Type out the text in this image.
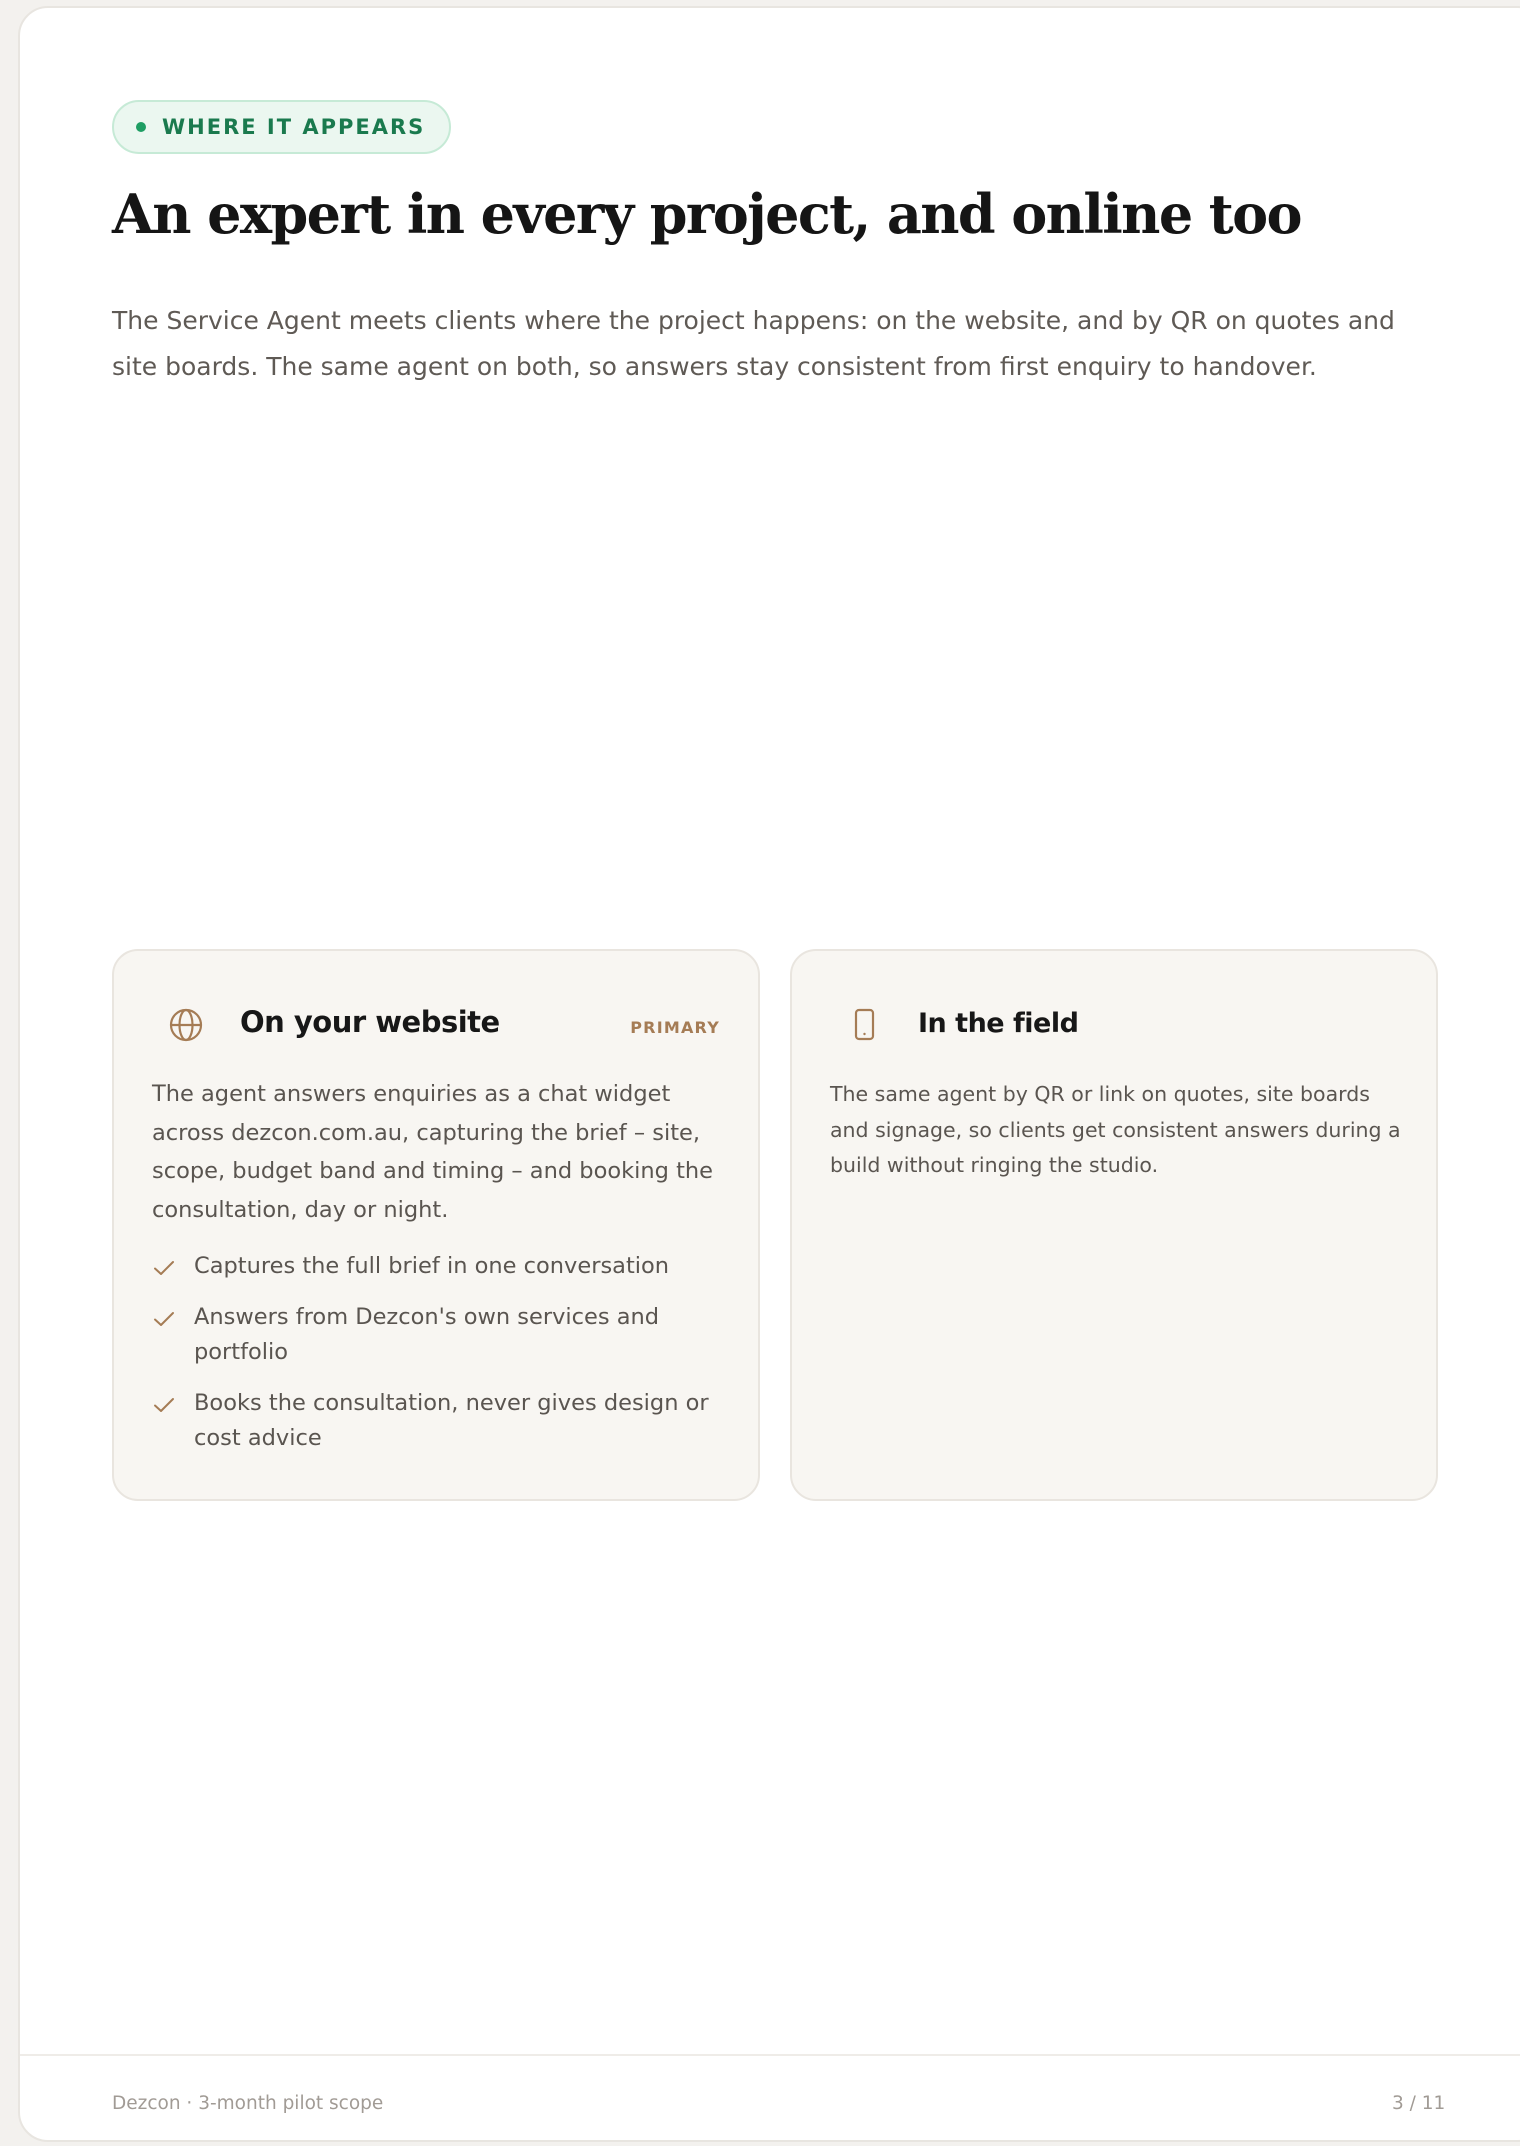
WHERE IT APPEARS
An expert in every project, and online too

The Service Agent meets clients where the project happens: on the website, and by QR on quotes and site boards. The same agent on both, so answers stay consistent from first enquiry to handover.

On your website	PRIMARY

The agent answers enquiries as a chat widget across dezcon.com.au, capturing the brief – site, scope, budget band and timing – and booking the consultation, day or night.

Captures the full brief in one conversation
Answers from Dezcon's own services and portfolio
Books the consultation, never gives design or cost advice
In the field

The same agent by QR or link on quotes, site boards and signage, so clients get consistent answers during a build without ringing the studio.

Dezcon · 3-month pilot scope	3 / 11
